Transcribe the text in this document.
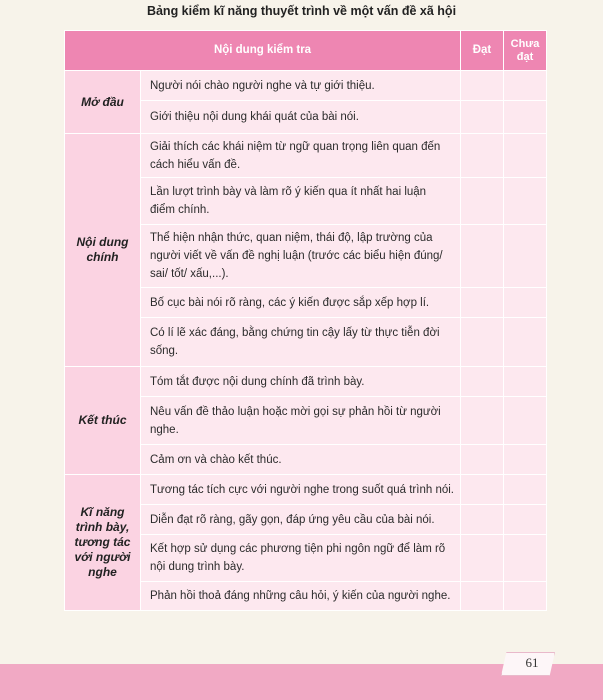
Bảng kiểm kĩ năng thuyết trình về một vấn đề xã hội
Nội dung kiểm tra		Đạt	Chưa đạt
Mở đầu	Người nói chào người nghe và tự giới thiệu.		
	Giới thiệu nội dung khái quát của bài nói.		
Nội dung chính	Giải thích các khái niệm từ ngữ quan trọng liên quan đến cách hiểu vấn đề.		
	Lần lượt trình bày và làm rõ ý kiến qua ít nhất hai luận điểm chính.		
	Thể hiện nhận thức, quan niệm, thái độ, lập trường của người viết về vấn đề nghị luận (trước các biểu hiện đúng/ sai/ tốt/ xấu,...).		
	Bố cục bài nói rõ ràng, các ý kiến được sắp xếp hợp lí.		
	Có lí lẽ xác đáng, bằng chứng tin cậy lấy từ thực tiễn đời sống.		
Kết thúc	Tóm tắt được nội dung chính đã trình bày.		
	Nêu vấn đề thảo luận hoặc mời gọi sự phản hồi từ người nghe.		
	Cảm ơn và chào kết thúc.		
Kĩ năng trình bày, tương tác với người nghe	Tương tác tích cực với người nghe trong suốt quá trình nói.		
	Diễn đạt rõ ràng, gãy gọn, đáp ứng yêu cầu của bài nói.		
	Kết hợp sử dụng các phương tiện phi ngôn ngữ để làm rõ nội dung trình bày.		
	Phản hồi thoả đáng những câu hỏi, ý kiến của người nghe.		
61
